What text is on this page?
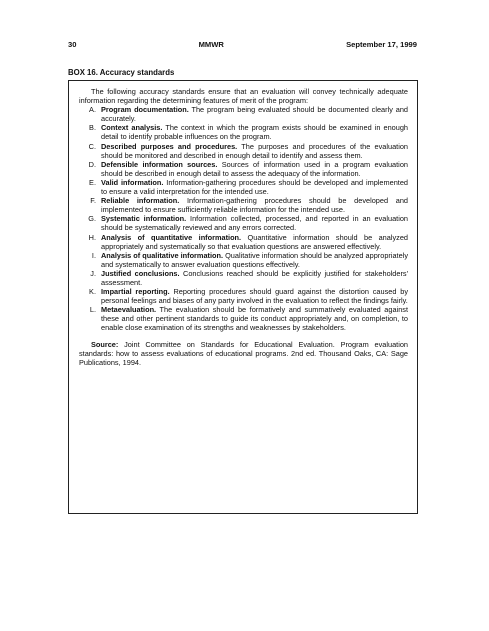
30	MMWR	September 17, 1999
BOX 16. Accuracy standards

The following accuracy standards ensure that an evaluation will convey technically adequate information regarding the determining features of merit of the program:

A. Program documentation. The program being evaluated should be documented clearly and accurately.
B. Context analysis. The context in which the program exists should be examined in enough detail to identify probable influences on the program.
C. Described purposes and procedures. The purposes and procedures of the evaluation should be monitored and described in enough detail to identify and assess them.
D. Defensible information sources. Sources of information used in a program evaluation should be described in enough detail to assess the adequacy of the information.
E. Valid information. Information-gathering procedures should be developed and implemented to ensure a valid interpretation for the intended use.
F. Reliable information. Information-gathering procedures should be developed and implemented to ensure sufficiently reliable information for the intended use.
G. Systematic information. Information collected, processed, and reported in an evaluation should be systematically reviewed and any errors corrected.
H. Analysis of quantitative information. Quantitative information should be analyzed appropriately and systematically so that evaluation questions are answered effectively.
I. Analysis of qualitative information. Qualitative information should be analyzed appropriately and systematically to answer evaluation questions effectively.
J. Justified conclusions. Conclusions reached should be explicitly justified for stakeholders' assessment.
K. Impartial reporting. Reporting procedures should guard against the distortion caused by personal feelings and biases of any party involved in the evaluation to reflect the findings fairly.
L. Metaevaluation. The evaluation should be formatively and summatively evaluated against these and other pertinent standards to guide its conduct appropriately and, on completion, to enable close examination of its strengths and weaknesses by stakeholders.

Source: Joint Committee on Standards for Educational Evaluation. Program evaluation standards: how to assess evaluations of educational programs. 2nd ed. Thousand Oaks, CA: Sage Publications, 1994.
